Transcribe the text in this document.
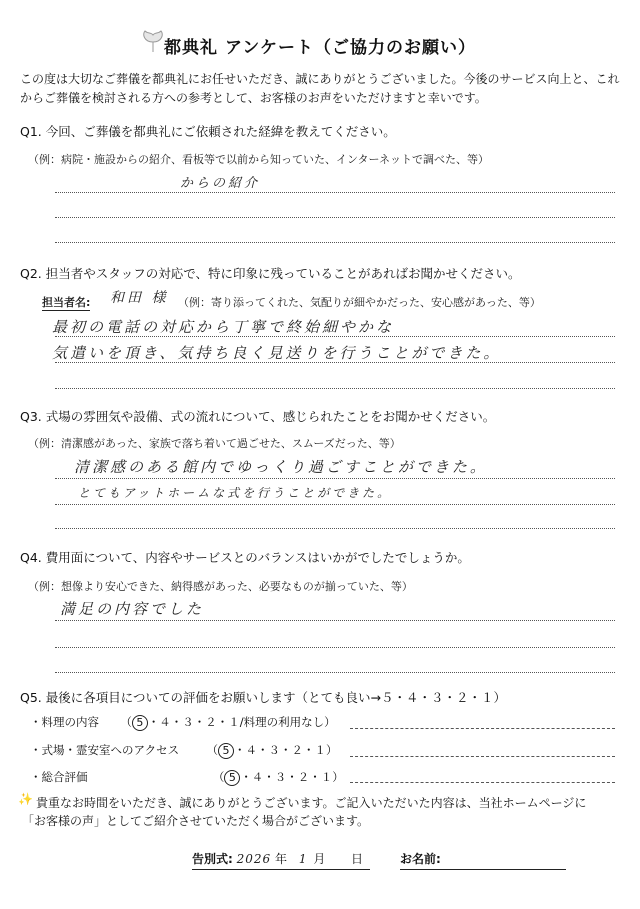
都典礼 アンケート（ご協力のお願い）
この度は大切なご葬儀を都典礼にお任せいただき、誠にありがとうございました。今後のサービス向上と、これからご葬儀を検討される方への参考として、お客様のお声をいただけますと幸いです。
Q1. 今回、ご葬儀を都典礼にご依頼された経緯を教えてください。
（例：病院・施設からの紹介、看板等で以前から知っていた、インターネットで調べた、等）
からの紹介
Q2. 担当者やスタッフの対応で、特に印象に残っていることがあればお聞かせください。
担当者名: 和田 様 （例：寄り添ってくれた、気配りが細やかだった、安心感があった、等）
最初の電話の対応から丁寧で終始細やかな
気遣いを頂き、気持ち良く見送りを行うことができた。
Q3. 式場の雰囲気や設備、式の流れについて、感じられたことをお聞かせください。
（例：清潔感があった、家族で落ち着いて過ごせた、スムーズだった、等）
清潔感のある館内でゆっくり過ごすことができた。
とてもアットホームな式を行うことができた。
Q4. 費用面について、内容やサービスとのバランスはいかがでしたでしょうか。
（例：想像より安心できた、納得感があった、必要なものが揃っていた、等）
満足の内容でした
Q5. 最後に各項目についての評価をお願いします（とても良い→５・４・３・２・１）
・料理の内容 （ 5 ・４・３・２・１/料理の利用なし）
・式場・霊安室へのアクセス （ 5 ・４・３・２・１）
・総合評価	（ 5 ・４・３・２・１）
✨ 貴重なお時間をいただき、誠にありがとうございます。ご記入いただいた内容は、当社ホームページに
「お客様の声」としてご紹介させていただく場合がございます。
告別式: 2026 年 1 月 日	お名前:
